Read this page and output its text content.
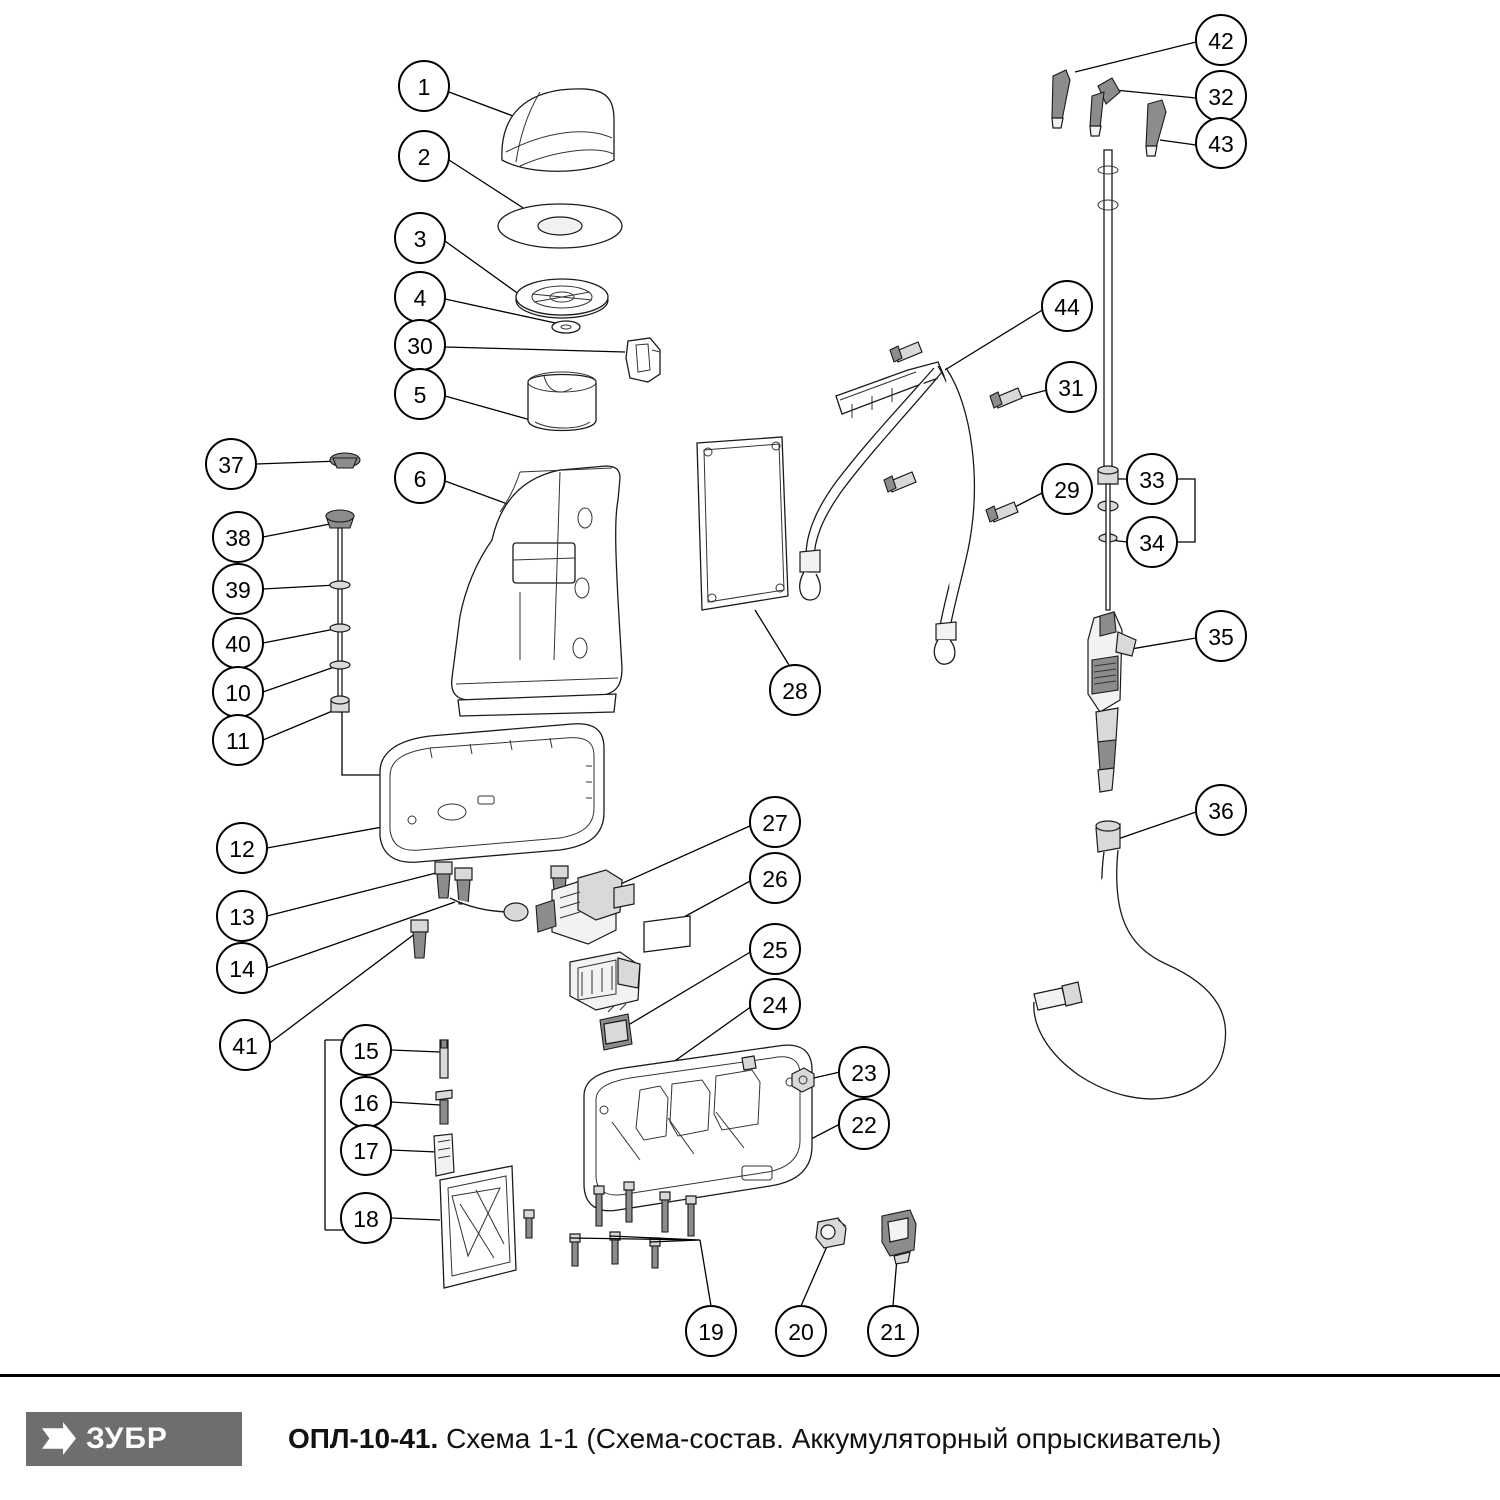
1
2
3
4
30
5
37
6
38
39
40
10
11
12
13
14
41	15
16
17
18
19	20	21
22
23
24
25
26
27
28
29
31
44
42
32
43
33
34
35
36
ЗУБР	ОПЛ-10-41. Схема 1-1 (Схема-состав. Аккумуляторный опрыскиватель)
